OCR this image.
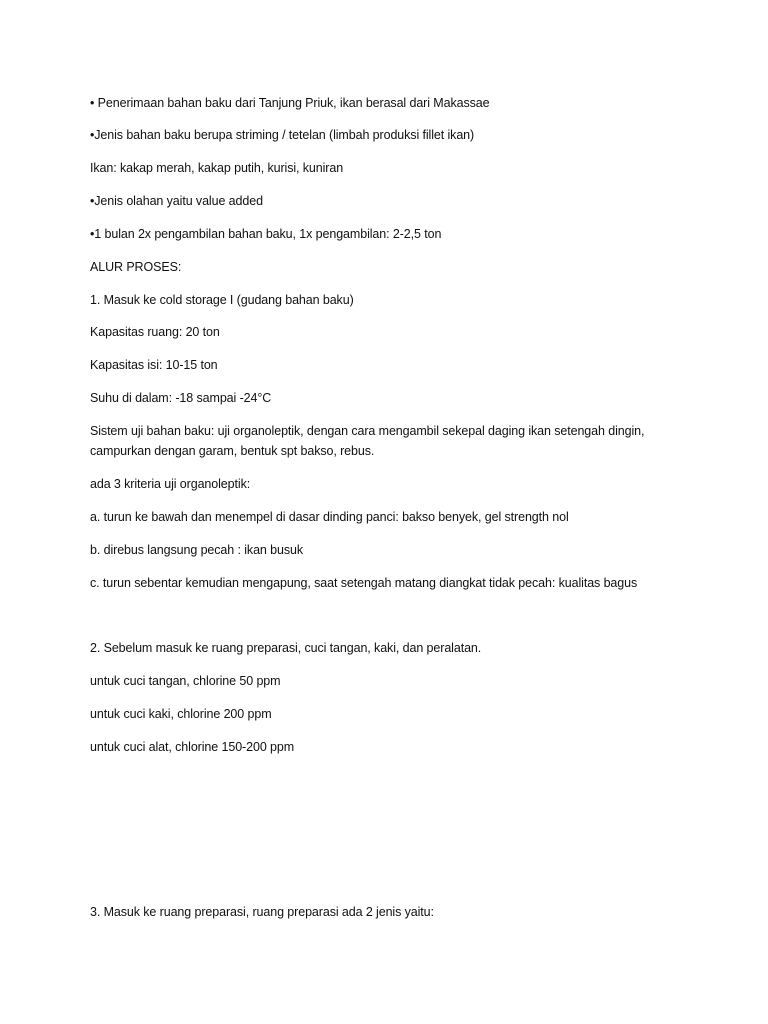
• Penerimaan bahan baku dari Tanjung Priuk, ikan berasal dari Makassae
•Jenis bahan baku berupa striming / tetelan (limbah produksi fillet ikan)
Ikan: kakap merah, kakap putih, kurisi, kuniran
•Jenis olahan yaitu value added
•1 bulan 2x pengambilan bahan baku, 1x pengambilan: 2-2,5 ton
ALUR PROSES:
1. Masuk ke cold storage I (gudang bahan baku)
Kapasitas ruang: 20 ton
Kapasitas isi: 10-15 ton
Suhu di dalam: -18 sampai -24°C
Sistem uji bahan baku: uji organoleptik, dengan cara mengambil sekepal daging ikan setengah dingin,
campurkan dengan garam, bentuk spt bakso, rebus.
ada 3 kriteria uji organoleptik:
a. turun ke bawah dan menempel di dasar dinding panci: bakso benyek, gel strength nol
b. direbus langsung pecah : ikan busuk
c. turun sebentar kemudian mengapung, saat setengah matang diangkat tidak pecah: kualitas bagus
2. Sebelum masuk ke ruang preparasi, cuci tangan, kaki, dan peralatan.
untuk cuci tangan, chlorine 50 ppm
untuk cuci kaki, chlorine 200 ppm
untuk cuci alat, chlorine 150-200 ppm
3. Masuk ke ruang preparasi, ruang preparasi ada 2 jenis yaitu:
